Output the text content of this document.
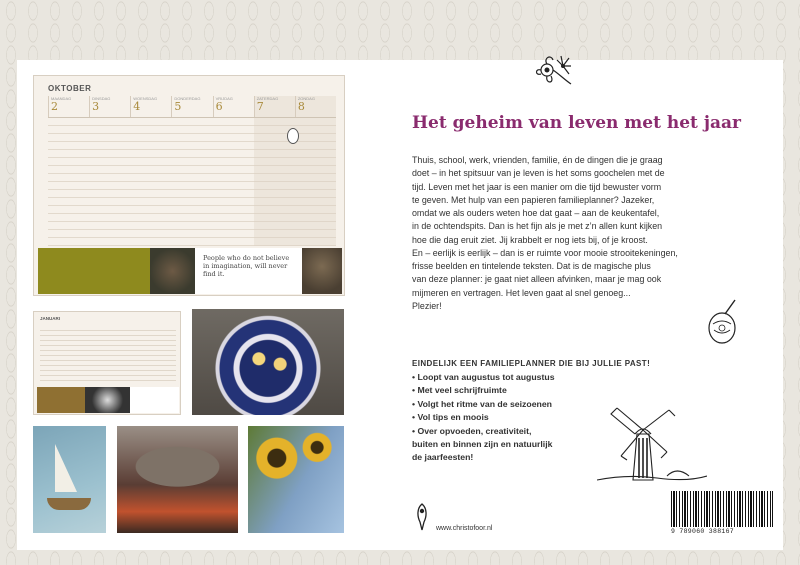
OKTOBER
MAANDAG
2
DINSDAG
3
WOENSDAG
4
DONDERDAG
5
VRIJDAG
6
ZATERDAG
7
ZONDAG
8
People who do not believe in imagination, will never find it.
JANUARI
Het geheim van leven met het jaar

Thuis, school, werk, vrienden, familie, én de dingen die je graag

doet – in het spitsuur van je leven is het soms goochelen met de

tijd. Leven met het jaar is een manier om die tijd bewuster vorm

te geven. Met hulp van een papieren familieplanner? Jazeker,

omdat we als ouders weten hoe dat gaat – aan de keukentafel,

in de ochtendspits. Dan is het fijn als je met z’n allen kunt kijken

hoe die dag eruit ziet. Jij krabbelt er nog iets bij, of je kroost.

En – eerlijk is eerlijk – dan is er ruimte voor mooie strooitekeningen,

frisse beelden en tintelende teksten. Dat is de magische plus

van deze planner: je gaat niet alleen afvinken, maar je mag ook

mijmeren en vertragen. Het leven gaat al snel genoeg...

Plezier!

EINDELIJK EEN FAMILIEPLANNER DIE BIJ JULLIE PAST!
• Loopt van augustus tot augustus
• Met veel schrijfruimte
• Volgt het ritme van de seizoenen
• Vol tips en moois
• Over opvoeden, creativiteit,
buiten en binnen zijn en natuurlijk
de jaarfeesten!
9 789060 388167
www.christofoor.nl
